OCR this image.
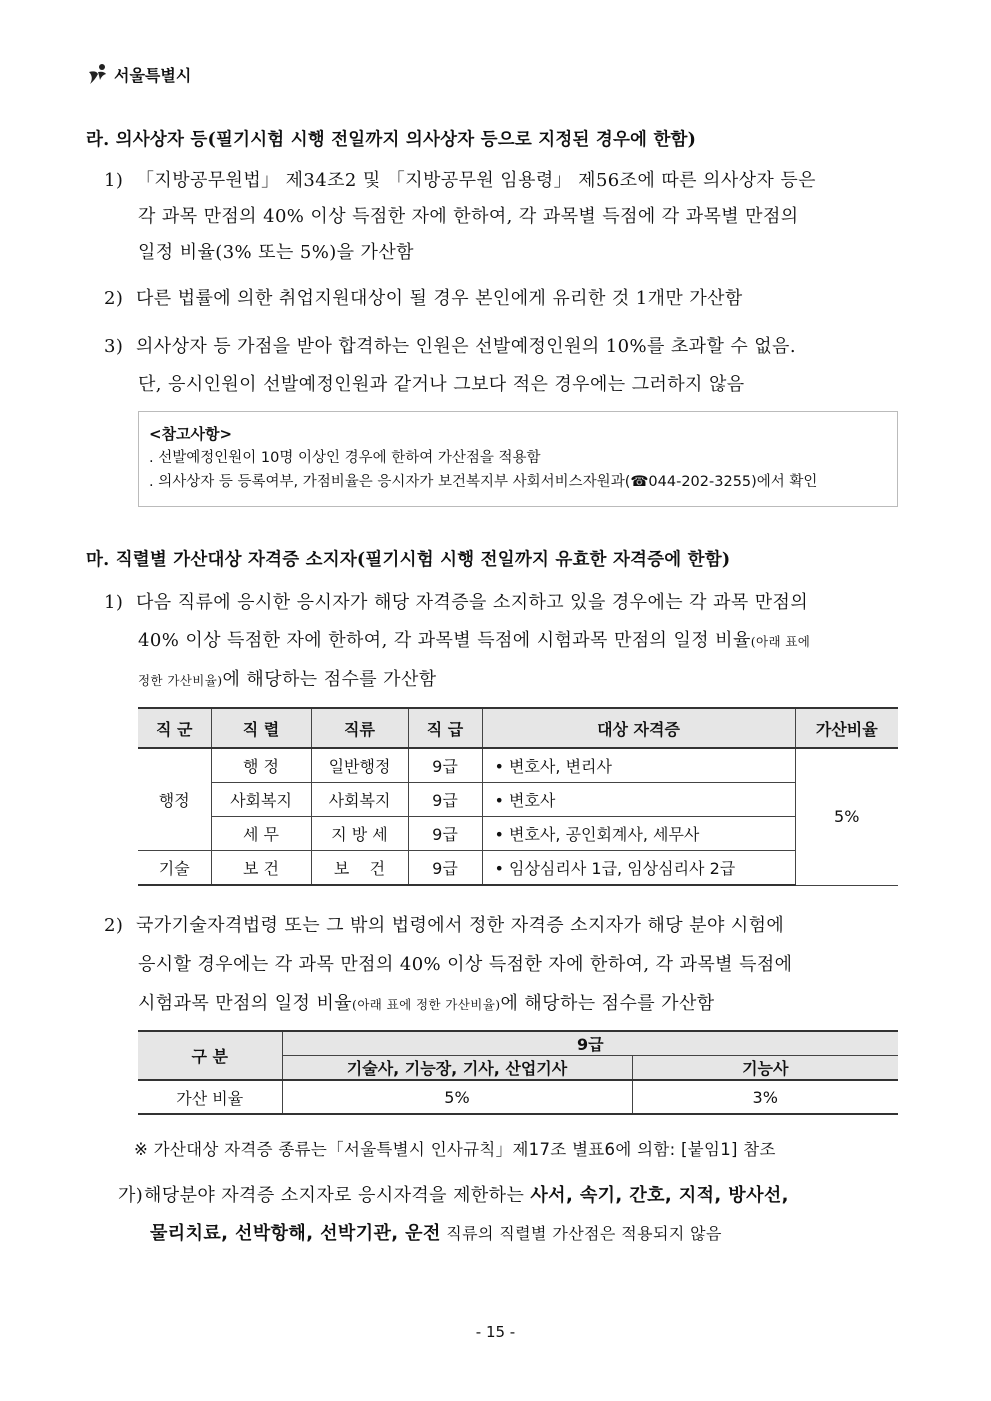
서울특별시
라. 의사상자 등(필기시험 시행 전일까지 의사상자 등으로 지정된 경우에 한함)
1) 「지방공무원법」 제34조2 및 「지방공무원 임용령」 제56조에 따른 의사상자 등은
각 과목 만점의 40% 이상 득점한 자에 한하여, 각 과목별 득점에 각 과목별 만점의
일정 비율(3% 또는 5%)을 가산함
2) 다른 법률에 의한 취업지원대상이 될 경우 본인에게 유리한 것 1개만 가산함
3) 의사상자 등 가점을 받아 합격하는 인원은 선발예정인원의 10%를 초과할 수 없음.
단, 응시인원이 선발예정인원과 같거나 그보다 적은 경우에는 그러하지 않음
<참고사항>
. 선발예정인원이 10명 이상인 경우에 한하여 가산점을 적용함
. 의사상자 등 등록여부, 가점비율은 응시자가 보건복지부 사회서비스자원과(☎044-202-3255)에서 확인
마. 직렬별 가산대상 자격증 소지자(필기시험 시행 전일까지 유효한 자격증에 한함)
1) 다음 직류에 응시한 응시자가 해당 자격증을 소지하고 있을 경우에는 각 과목 만점의
40% 이상 득점한 자에 한하여, 각 과목별 득점에 시험과목 만점의 일정 비율(아래 표에
정한 가산비율)에 해당하는 점수를 가산함
직 군	직 렬	직류	직 급	대상 자격증	가산비율
행정	행 정	일반행정	9급	• 변호사, 변리사	5%
	사회복지	사회복지	9급	• 변호사	
	세 무	지 방 세	9급	• 변호사, 공인회계사, 세무사	
기술	보 건	보    건	9급	• 임상심리사 1급, 임상심리사 2급	
2) 국가기술자격법령 또는 그 밖의 법령에서 정한 자격증 소지자가 해당 분야 시험에
응시할 경우에는 각 과목 만점의 40% 이상 득점한 자에 한하여, 각 과목별 득점에
시험과목 만점의 일정 비율(아래 표에 정한 가산비율)에 해당하는 점수를 가산함
구 분	9급	
	기술사, 기능장, 기사, 산업기사	기능사
가산 비율	5%	3%
※ 가산대상 자격증 종류는「서울특별시 인사규칙」제17조 별표6에 의함: [붙임1] 참조
가)해당분야 자격증 소지자로 응시자격을 제한하는 사서, 속기, 간호, 지적, 방사선,
물리치료, 선박항해, 선박기관, 운전 직류의 직렬별 가산점은 적용되지 않음
- 15 -
